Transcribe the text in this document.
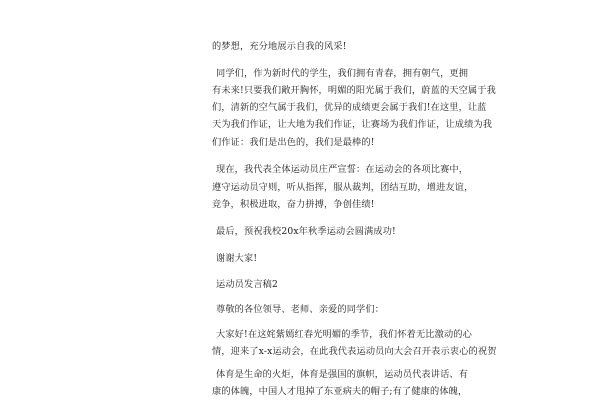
的梦想，充分地展示自我的风采!
同学们，作为新时代的学生，我们拥有青春，拥有朝气，更拥
有未来!只要我们敞开胸怀，明媚的阳光属于我们，蔚蓝的天空属于我
们，清新的空气属于我们，优异的成绩更会属于我们!在这里，让蓝
天为我们作证，让大地为我们作证，让赛场为我们作证，让成绩为我
们作证：我们是出色的，我们是最棒的!
现在，我代表全体运动员庄严宣誓：在运动会的各项比赛中，
遵守运动员守则，听从指挥，服从裁判，团结互助，增进友谊，
竞争，积极进取，奋力拼搏，争创佳绩!
最后，预祝我校20x年秋季运动会圆满成功!
谢谢大家!
运动员发言稿2
尊敬的各位领导、老师、亲爱的同学们：
大家好!在这姹紫嫣红春光明媚的季节，我们怀着无比激动的心
情，迎来了x-x运动会，在此我代表运动员向大会召开表示衷心的祝贺
体育是生命的火炬，体育是强国的旗帜，运动员代表讲话、有
康的体魄，中国人才甩掉了东亚病夫的帽子;有了健康的体魄，
